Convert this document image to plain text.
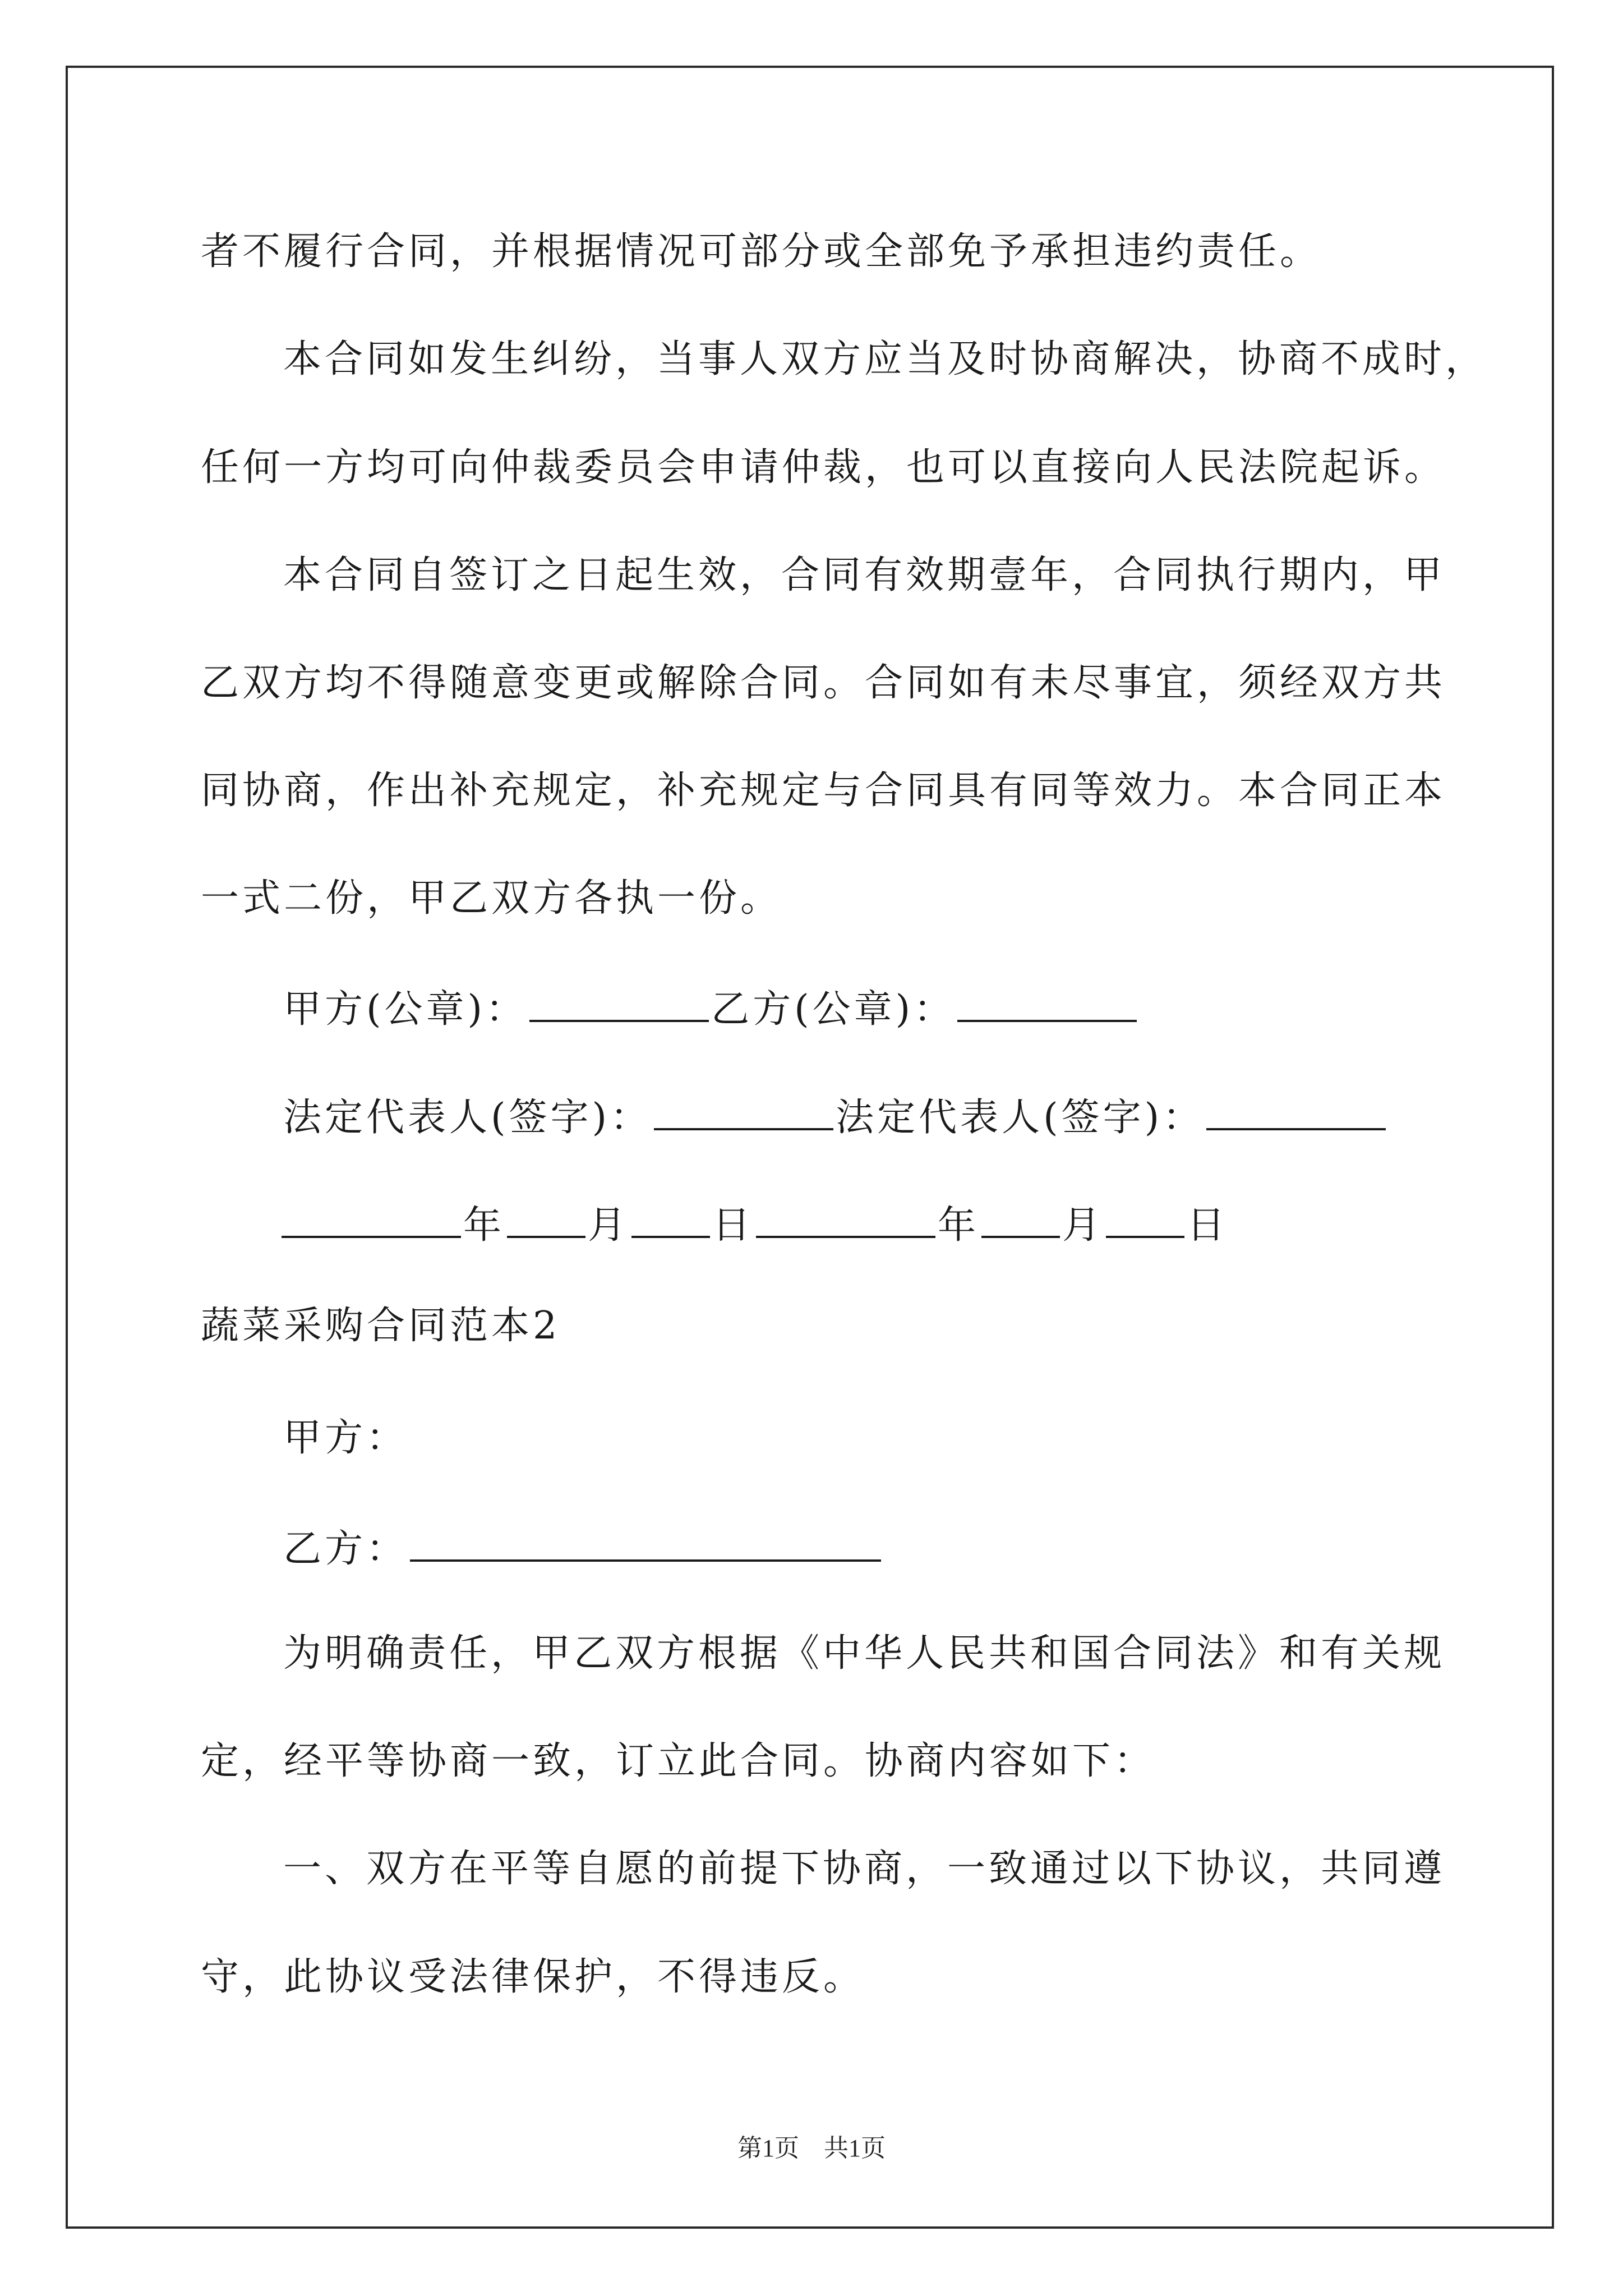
者不履行合同，并根据情况可部分或全部免予承担违约责任。
本合同如发生纠纷，当事人双方应当及时协商解决，协商不成时，
任何一方均可向仲裁委员会申请仲裁，也可以直接向人民法院起诉。
本合同自签订之日起生效，合同有效期壹年，合同执行期内，甲
乙双方均不得随意变更或解除合同。合同如有未尽事宜，须经双方共
同协商，作出补充规定，补充规定与合同具有同等效力。本合同正本
一式二份，甲乙双方各执一份。
甲方(公章)：	乙方(公章)：
法定代表人(签字)：	法定代表人(签字)：
年 月 日	年 月 日
蔬菜采购合同范本2
甲方：
乙方：
为明确责任，甲乙双方根据《中华人民共和国合同法》和有关规
定，经平等协商一致，订立此合同。协商内容如下：
一、双方在平等自愿的前提下协商，一致通过以下协议，共同遵
守，此协议受法律保护，不得违反。
第1页　共1页
